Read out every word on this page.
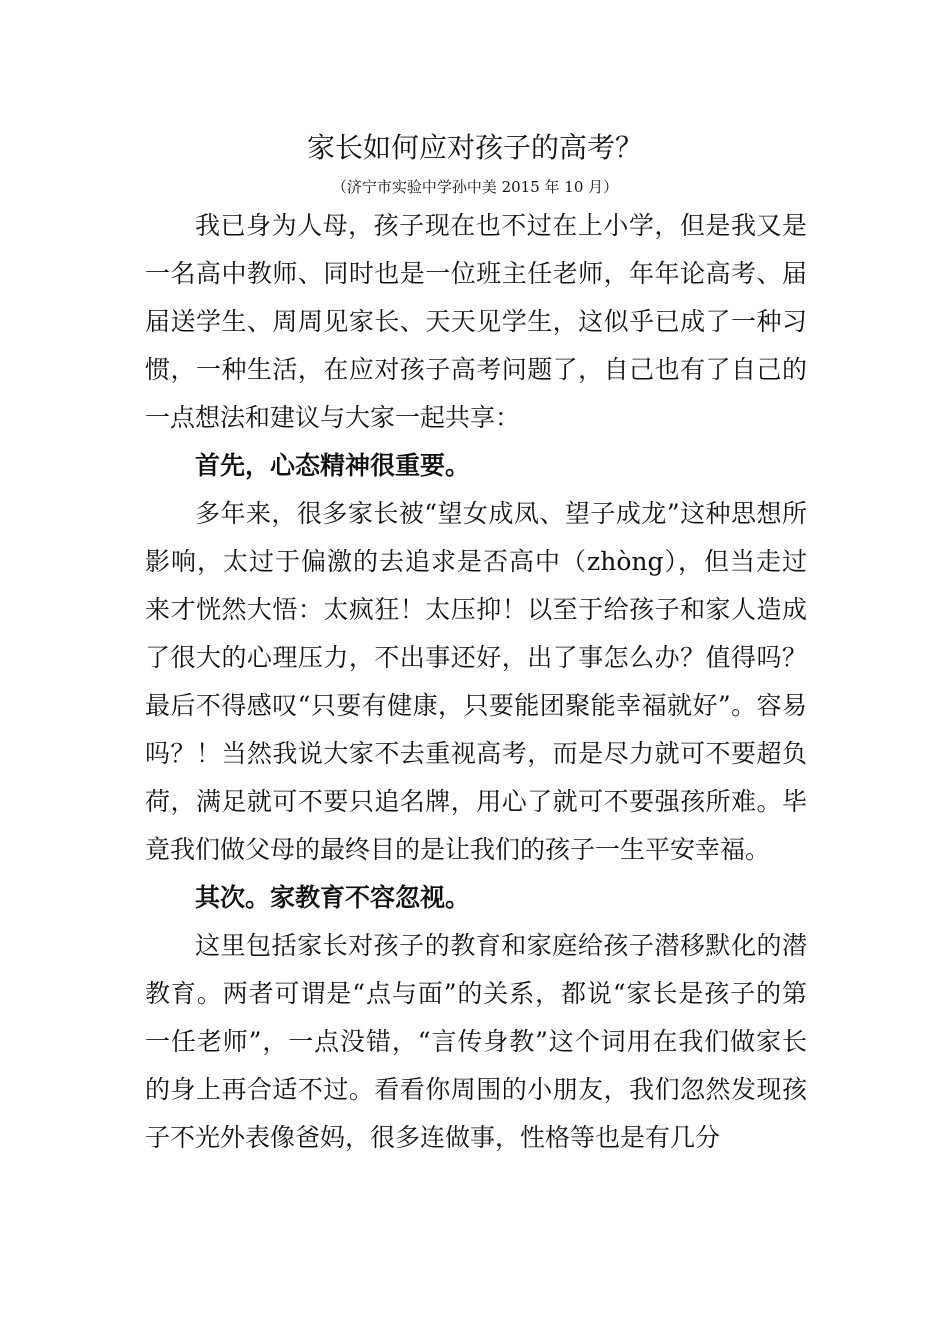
家长如何应对孩子的高考？
（济宁市实验中学孙中美 2015 年 10 月）

我已身为人母，孩子现在也不过在上小学，但是我又是一名高中教师、同时也是一位班主任老师，年年论高考、届届送学生、周周见家长、天天见学生，这似乎已成了一种习惯，一种生活，在应对孩子高考问题了，自己也有了自己的一点想法和建议与大家一起共享：

首先，心态精神很重要。

多年来，很多家长被“望女成凤、望子成龙”这种思想所影响，太过于偏激的去追求是否高中（zhòng），但当走过来才恍然大悟：太疯狂！太压抑！以至于给孩子和家人造成了很大的心理压力，不出事还好，出了事怎么办？值得吗？最后不得感叹“只要有健康，只要能团聚能幸福就好”。容易吗？！当然我说大家不去重视高考，而是尽力就可不要超负荷，满足就可不要只追名牌，用心了就可不要强孩所难。毕竟我们做父母的最终目的是让我们的孩子一生平安幸福。

其次。家教育不容忽视。

这里包括家长对孩子的教育和家庭给孩子潜移默化的潜教育。两者可谓是“点与面”的关系，都说“家长是孩子的第一任老师”，一点没错，“言传身教”这个词用在我们做家长的身上再合适不过。看看你周围的小朋友，我们忽然发现孩子不光外表像爸妈，很多连做事，性格等也是有几分
